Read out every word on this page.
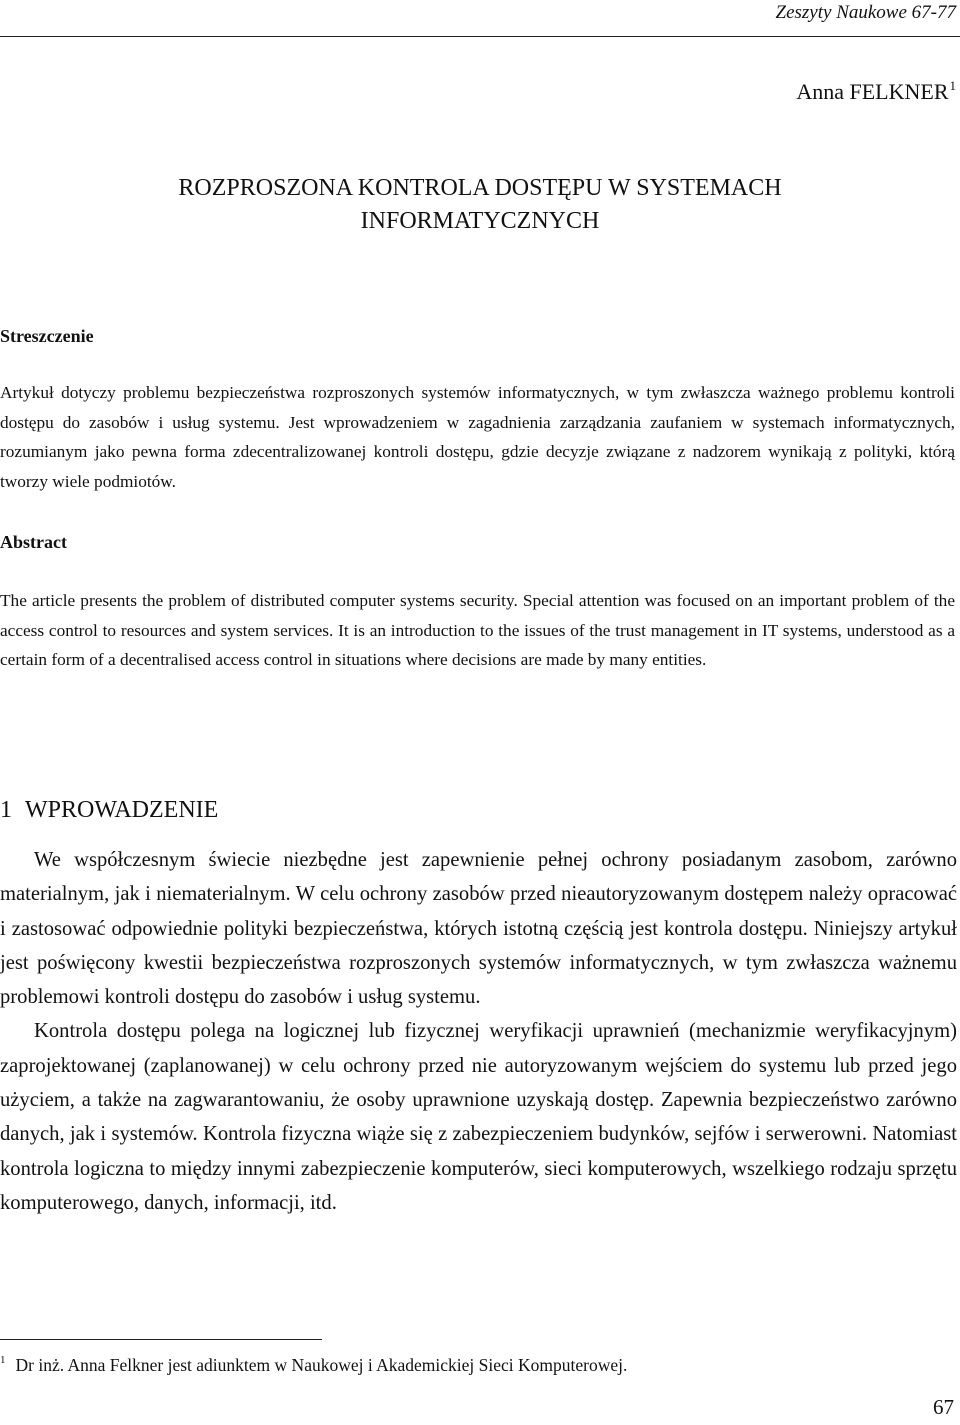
Zeszyty Naukowe 67-77
Anna FELKNER$^1$
ROZPROSZONA KONTROLA DOSTĘPU W SYSTEMACH
INFORMATYCZNYCH
Streszczenie
Artykuł dotyczy problemu bezpieczeństwa rozproszonych systemów informatycznych, w tym zwłaszcza ważnego problemu kontroli dostępu do zasobów i usług systemu. Jest wprowadzeniem w zagadnienia zarządzania zaufaniem w systemach informatycznych, rozumianym jako pewna forma zdecentralizowanej kontroli dostępu, gdzie decyzje związane z nadzorem wynikają z polityki, którą tworzy wiele podmiotów.
Abstract
The article presents the problem of distributed computer systems security. Special attention was focused on an important problem of the access control to resources and system services. It is an introduction to the issues of the trust management in IT systems, understood as a certain form of a decentralised access control in situations where decisions are made by many entities.
1 WPROWADZENIE

We współczesnym świecie niezbędne jest zapewnienie pełnej ochrony posiadanym zasobom, zarówno materialnym, jak i niematerialnym. W celu ochrony zasobów przed nieautoryzowanym dostępem należy opracować i zastosować odpowiednie polityki bezpieczeństwa, których istotną częścią jest kontrola dostępu. Niniejszy artykuł jest poświęcony kwestii bezpieczeństwa rozproszonych systemów informatycznych, w tym zwłaszcza ważnemu problemowi kontroli dostępu do zasobów i usług systemu.

Kontrola dostępu polega na logicznej lub fizycznej weryfikacji uprawnień (mechanizmie weryfikacyjnym) zaprojektowanej (zaplanowanej) w celu ochrony przed nie autoryzowanym wejściem do systemu lub przed jego użyciem, a także na zagwarantowaniu, że osoby uprawnione uzyskają dostęp. Zapewnia bezpieczeństwo zarówno danych, jak i systemów. Kontrola fizyczna wiąże się z zabezpieczeniem budynków, sejfów i serwerowni. Natomiast kontrola logiczna to między innymi zabezpieczenie komputerów, sieci komputerowych, wszelkiego rodzaju sprzętu komputerowego, danych, informacji, itd.

$^1$ Dr inż. Anna Felkner jest adiunktem w Naukowej i Akademickiej Sieci Komputerowej.
67
